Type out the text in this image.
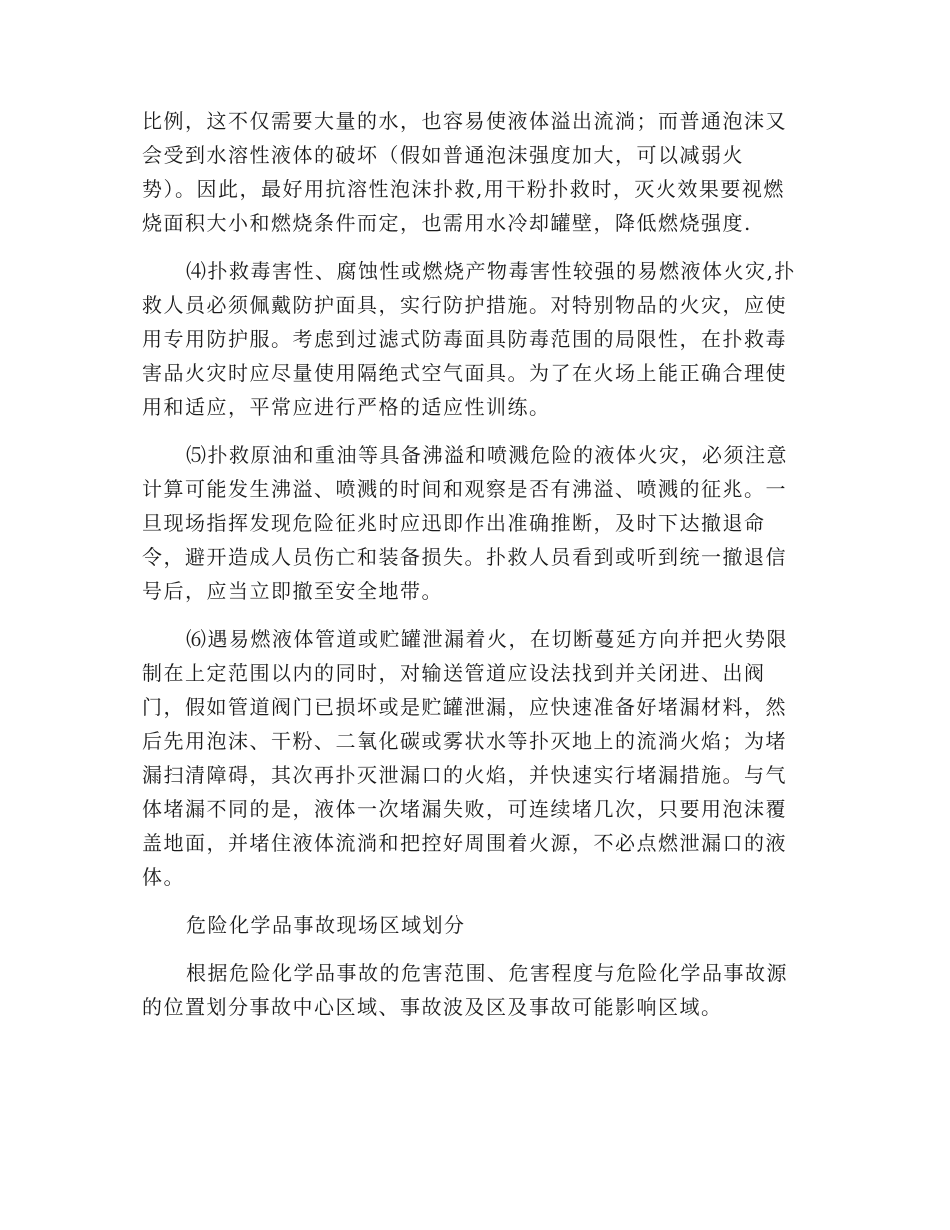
比例，这不仅需要大量的水，也容易使液体溢出流淌；而普通泡沫又
会受到水溶性液体的破坏（假如普通泡沫强度加大，可以减弱火
势）。因此，最好用抗溶性泡沫扑救,用干粉扑救时，灭火效果要视燃
烧面积大小和燃烧条件而定，也需用水冷却罐壁，降低燃烧强度.

⑷扑救毒害性、腐蚀性或燃烧产物毒害性较强的易燃液体火灾,扑
救人员必须佩戴防护面具，实行防护措施。对特别物品的火灾，应使
用专用防护服。考虑到过滤式防毒面具防毒范围的局限性，在扑救毒
害品火灾时应尽量使用隔绝式空气面具。为了在火场上能正确合理使
用和适应，平常应进行严格的适应性训练。

⑸扑救原油和重油等具备沸溢和喷溅危险的液体火灾，必须注意
计算可能发生沸溢、喷溅的时间和观察是否有沸溢、喷溅的征兆。一
旦现场指挥发现危险征兆时应迅即作出准确推断，及时下达撤退命
令，避开造成人员伤亡和装备损失。扑救人员看到或听到统一撤退信
号后，应当立即撤至安全地带。

⑹遇易燃液体管道或贮罐泄漏着火，在切断蔓延方向并把火势限
制在上定范围以内的同时，对输送管道应设法找到并关闭进、出阀
门，假如管道阀门已损坏或是贮罐泄漏，应快速准备好堵漏材料，然
后先用泡沫、干粉、二氧化碳或雾状水等扑灭地上的流淌火焰；为堵
漏扫清障碍，其次再扑灭泄漏口的火焰，并快速实行堵漏措施。与气
体堵漏不同的是，液体一次堵漏失败，可连续堵几次，只要用泡沫覆
盖地面，并堵住液体流淌和把控好周围着火源，不必点燃泄漏口的液
体。

危险化学品事故现场区域划分

根据危险化学品事故的危害范围、危害程度与危险化学品事故源
的位置划分事故中心区域、事故波及区及事故可能影响区域。
